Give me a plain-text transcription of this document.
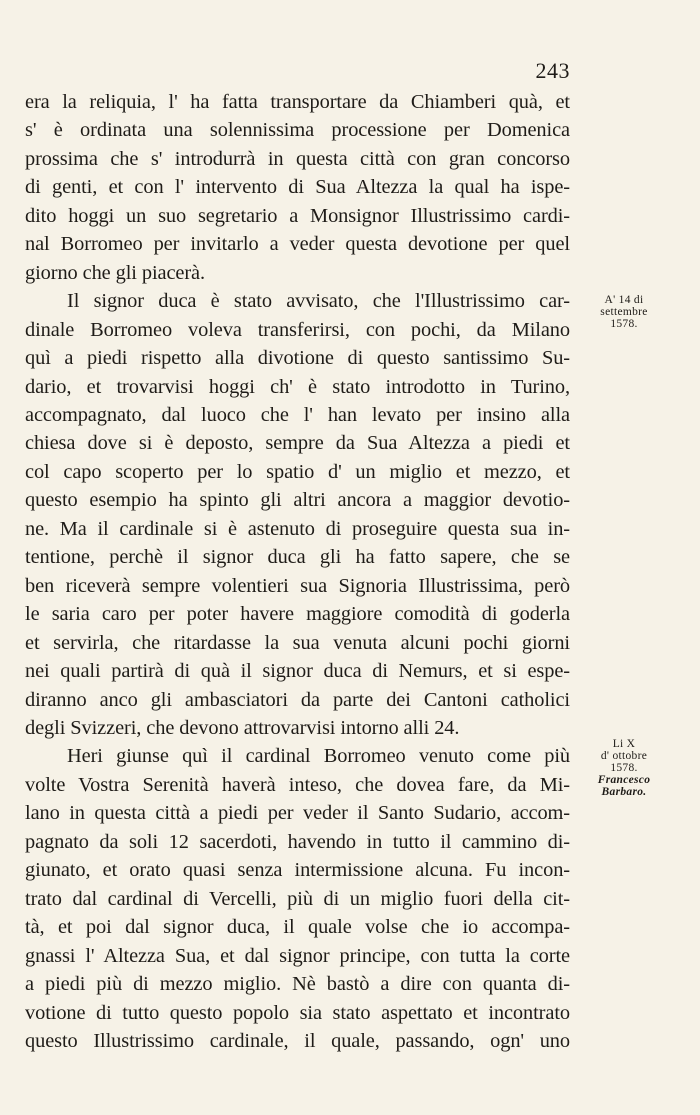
243

era la reliquia, l' ha fatta transportare da Chiamberi quà, et

s' è ordinata una solennissima processione per Domenica

prossima che s' introdurrà in questa città con gran concorso

di genti, et con l' intervento di Sua Altezza la qual ha ispe-

dito hoggi un suo segretario a Monsignor Illustrissimo cardi-

nal Borromeo per invitarlo a veder questa devotione per quel

giorno che gli piacerà.

Il signor duca è stato avvisato, che l'Illustrissimo car-

dinale Borromeo voleva transferirsi, con pochi, da Milano

quì a piedi rispetto alla divotione di questo santissimo Su-

dario, et trovarvisi hoggi ch' è stato introdotto in Turino,

accompagnato, dal luoco che l' han levato per insino alla

chiesa dove si è deposto, sempre da Sua Altezza a piedi et

col capo scoperto per lo spatio d' un miglio et mezzo, et

questo esempio ha spinto gli altri ancora a maggior devotio-

ne. Ma il cardinale si è astenuto di proseguire questa sua in-

tentione, perchè il signor duca gli ha fatto sapere, che se

ben riceverà sempre volentieri sua Signoria Illustrissima, però

le saria caro per poter havere maggiore comodità di goderla

et servirla, che ritardasse la sua venuta alcuni pochi giorni

nei quali partirà di quà il signor duca di Nemurs, et si espe-

diranno anco gli ambasciatori da parte dei Cantoni catholici

degli Svizzeri, che devono attrovarvisi intorno alli 24.

Heri giunse quì il cardinal Borromeo venuto come più

volte Vostra Serenità haverà inteso, che dovea fare, da Mi-

lano in questa città a piedi per veder il Santo Sudario, accom-

pagnato da soli 12 sacerdoti, havendo in tutto il cammino di-

giunato, et orato quasi senza intermissione alcuna. Fu incon-

trato dal cardinal di Vercelli, più di un miglio fuori della cit-

tà, et poi dal signor duca, il quale volse che io accompa-

gnassi l' Altezza Sua, et dal signor principe, con tutta la corte

a piedi più di mezzo miglio. Nè bastò a dire con quanta di-

votione di tutto questo popolo sia stato aspettato et incontrato

questo Illustrissimo cardinale, il quale, passando, ogn' uno

A' 14 di
settembre
1578.
Li X
d' ottobre
1578.
Francesco
Barbaro.
